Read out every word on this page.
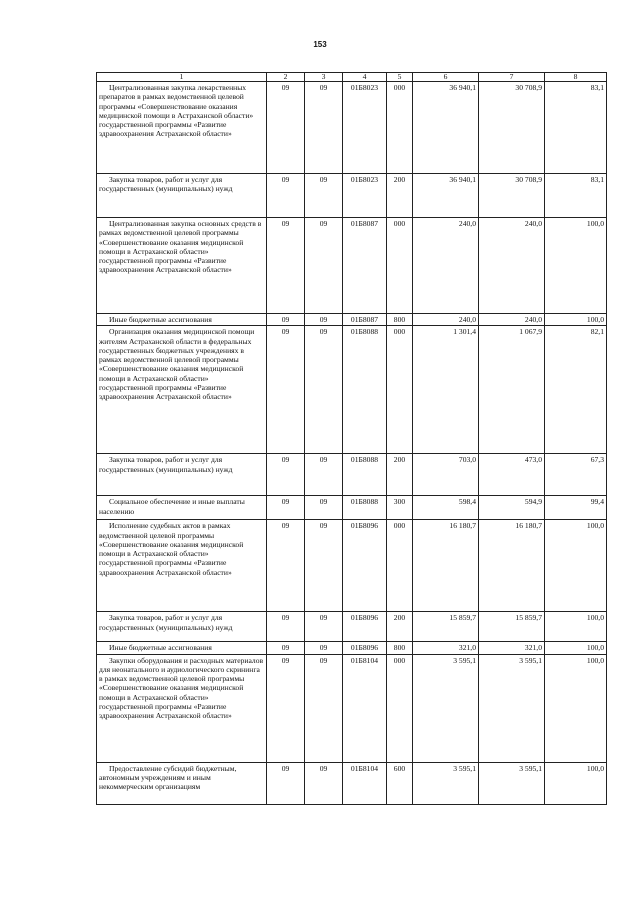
153
1	2	3	4	5	6	7	8
Централизованная закупка лекарственных препаратов в рамках ведомственной целевой программы «Совершенствование оказания медицинской помощи в Астраханской области» государственной программы «Развитие здравоохранения Астраханской области»	09	09	01Б8023	000	36 940,1	30 708,9	83,1
Закупка товаров, работ и услуг для государственных (муниципальных) нужд	09	09	01Б8023	200	36 940,1	30 708,9	83,1
Централизованная закупка основных средств в рамках ведомственной целевой программы «Совершенствование оказания медицинской помощи в Астраханской области» государственной программы «Развитие здравоохранения Астраханской области»	09	09	01Б8087	000	240,0	240,0	100,0
Иные бюджетные ассигнования	09	09	01Б8087	800	240,0	240,0	100,0
Организация оказания медицинской помощи жителям Астраханской области в федеральных государственных бюджетных учреждениях в рамках ведомственной целевой программы «Совершенствование оказания медицинской помощи в Астраханской области» государственной программы «Развитие здравоохранения Астраханской области»	09	09	01Б8088	000	1 301,4	1 067,9	82,1
Закупка товаров, работ и услуг для государственных (муниципальных) нужд	09	09	01Б8088	200	703,0	473,0	67,3
Социальное обеспечение и иные выплаты населению	09	09	01Б8088	300	598,4	594,9	99,4
Исполнение судебных актов в рамках ведомственной целевой программы «Совершенствование оказания медицинской помощи в Астраханской области» государственной программы «Развитие здравоохранения Астраханской области»	09	09	01Б8096	000	16 180,7	16 180,7	100,0
Закупка товаров, работ и услуг для государственных (муниципальных) нужд	09	09	01Б8096	200	15 859,7	15 859,7	100,0
Иные бюджетные ассигнования	09	09	01Б8096	800	321,0	321,0	100,0
Закупки оборудования и расходных материалов для неонатального и аудиологического скрининга в рамках ведомственной целевой программы «Совершенствование оказания медицинской помощи в Астраханской области» государственной программы «Развитие здравоохранения Астраханской области»	09	09	01Б8104	000	3 595,1	3 595,1	100,0
Предоставление субсидий бюджетным, автономным учреждениям и иным некоммерческим организациям	09	09	01Б8104	600	3 595,1	3 595,1	100,0
